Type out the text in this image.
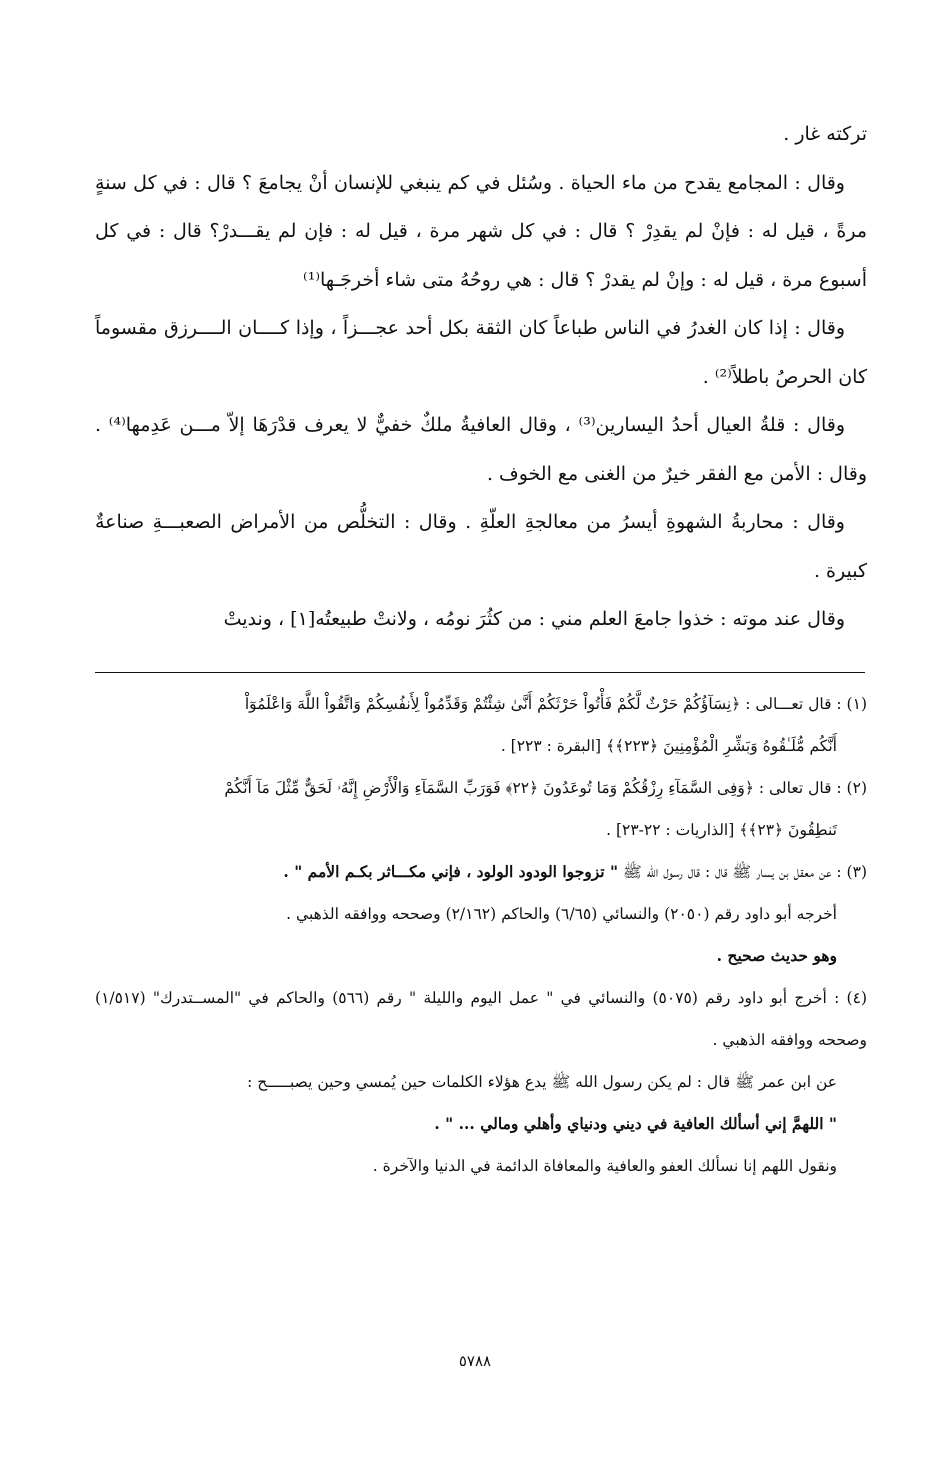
تركته غار .

وقال : المجامع يقدح من ماء الحياة . وسُئل في كم ينبغي للإنسان أنْ يجامعَ ؟ قال : في كل سنةٍ مرةً ، قيل له : فإنْ لم يقدِرْ ؟ قال : في كل شهر مرة ، قيل له : فإن لم يقـــدرْ؟ قال : في كل أسبوع مرة ، قيل له : وإنْ لم يقدرْ ؟ قال : هي روحُهُ متى شاء أخرجَـها⁽¹⁾

وقال : إذا كان الغدرُ في الناس طباعاً كان الثقة بكل أحد عجـــزاً ، وإذا كــــان الــــرزق مقسوماً كان الحرصُ باطلاً⁽²⁾ .

وقال : قلةُ العيال أحدُ اليسارين⁽³⁾ ، وقال العافيةُ ملكٌ خفيٌّ لا يعرف قدْرَهَا إلاّ مـــن عَدِمها⁽⁴⁾ . وقال : الأمن مع الفقر خيرٌ من الغنى مع الخوف .

وقال : محاربةُ الشهوةِ أيسرُ من معالجةِ العلّةِ . وقال : التخلُّص من الأمراض الصعبـــةِ صناعةٌ كبيرة .

وقال عند موته : خذوا جامعَ العلم مني : من كثُرَ نومُه ، ولانتْ طبيعتُه[١] ، ونديتْ

(١) : قال تعـــالى : ﴿نِسَآؤُكُمْ حَرْثٌ لَّكُمْ فَأْتُواْ حَرْثَكُمْ أَنَّىٰ شِئْتُمْ وَقَدِّمُواْ لِأَنفُسِكُمْ وَاتَّقُواْ اللَّهَ وَاعْلَمُوٓاْ

أَنَّكُم مُّلَـٰقُوهُ وَبَشِّرِ الْمُؤْمِنِينَ ﴿٢٢٣﴾﴾ [البقرة : ٢٢٣] .

(٢) : قال تعالى : ﴿وَفِى السَّمَآءِ رِزْقُكُمْ وَمَا تُوعَدُونَ ﴿٢٢﴾ فَوَرَبِّ السَّمَآءِ وَالْأَرْضِ إِنَّهُۥ لَحَقٌّ مِّثْلَ مَآ أَنَّكُمْ

تَنطِقُونَ ﴿٢٣﴾﴾ [الذاريات : ٢٢-٢٣] .

(٣) : عن معقل بن يسار ﷺ قال : قال رسول الله ﷺ " تزوجوا الودود الولود ، فإني مكـــاثر بكـم الأمم " .

أخرجه أبو داود رقم (٢٠٥٠) والنسائي (٦/٦٥) والحاكم (٢/١٦٢) وصححه ووافقه الذهبي .

وهو حديث صحيح .

(٤) : أخرج أبو داود رقم (٥٠٧٥) والنسائي في " عمل اليوم والليلة " رقم (٥٦٦) والحاكم في "المســتدرك" (١/٥١٧) وصححه ووافقه الذهبي .

عن ابن عمر ﷺ قال : لم يكن رسول الله ﷺ يدع هؤلاء الكلمات حين يُمسي وحين يصبـــــح :

" اللهمَّ إني أسألك العافية في ديني ودنياي وأهلي ومالي ... " .

ونقول اللهم إنا نسألك العفو والعافية والمعافاة الدائمة في الدنيا والآخرة .

٥٧٨٨
